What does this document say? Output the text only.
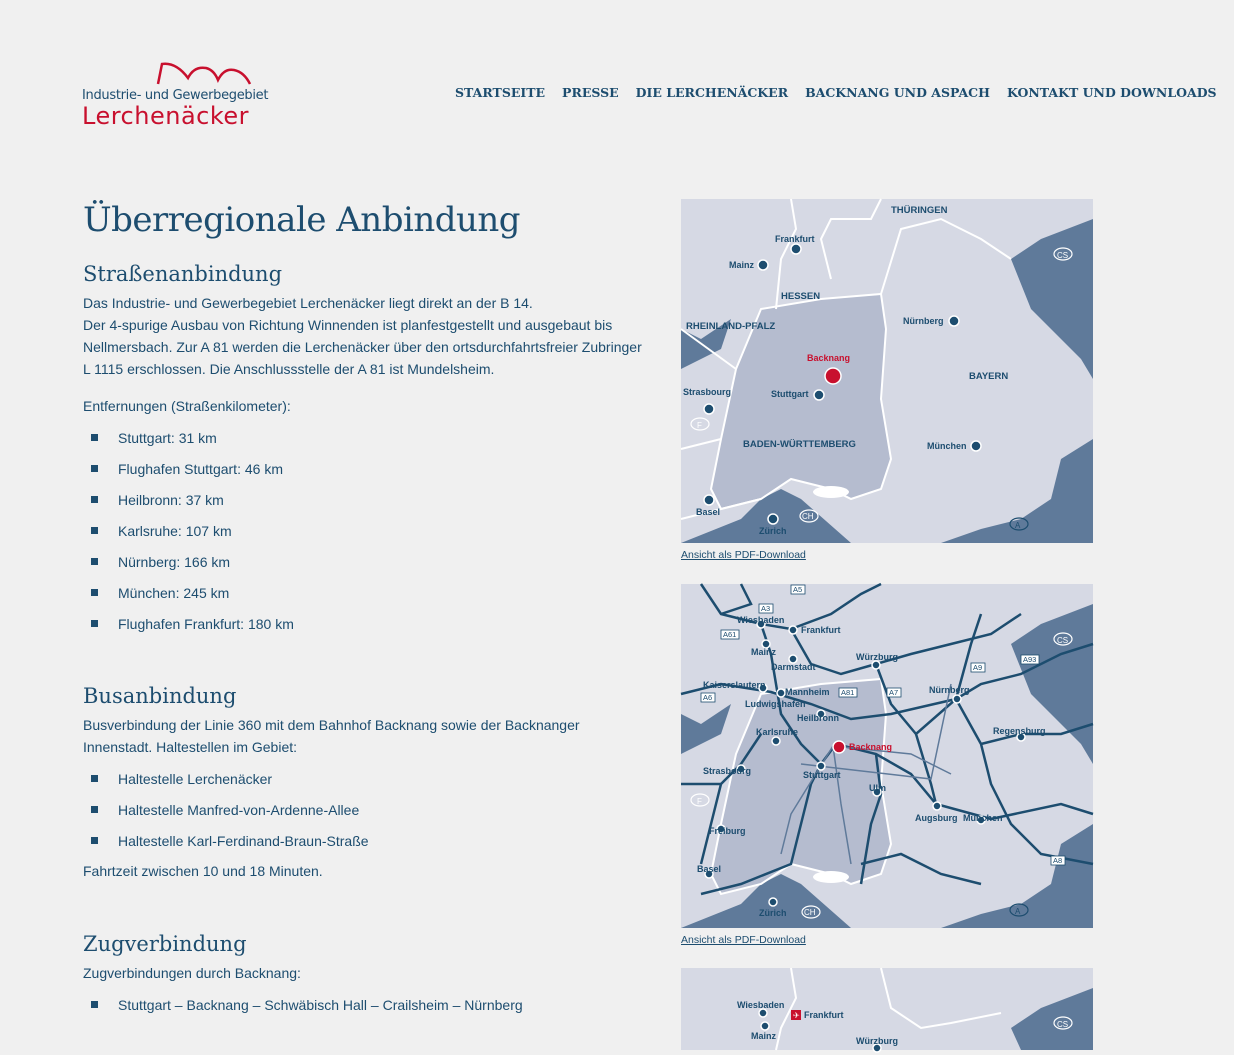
Industrie- und Gewerbegebiet
Lerchenäcker
STARTSEITE PRESSE DIE LERCHENÄCKER BACKNANG UND ASPACH KONTAKT UND DOWNLOADS
Überregionale Anbindung
Straßenanbindung

Das Industrie- und Gewerbegebiet Lerchenäcker liegt direkt an der B 14.

Der 4-spurige Ausbau von Richtung Winnenden ist planfestgestellt und ausgebaut bis Nellmersbach. Zur A 81 werden die Lerchenäcker über den ortsdurchfahrtsfreier Zubringer L 1115 erschlossen. Die Anschlussstelle der A 81 ist Mundelsheim.

Entfernungen (Straßenkilometer):

Stuttgart: 31 km
Flughafen Stuttgart: 46 km
Heilbronn: 37 km
Karlsruhe: 107 km
Nürnberg: 166 km
München: 245 km
Flughafen Frankfurt: 180 km
Busanbindung

Busverbindung der Linie 360 mit dem Bahnhof Backnang sowie der Backnanger Innenstadt. Haltestellen im Gebiet:

Haltestelle Lerchenäcker
Haltestelle Manfred-von-Ardenne-Allee
Haltestelle Karl-Ferdinand-Braun-Straße

Fahrtzeit zwischen 10 und 18 Minuten.

Zugverbindung

Zugverbindungen durch Backnang:

Stuttgart – Backnang – Schwäbisch Hall – Crailsheim – Nürnberg
THÜRINGEN
HESSEN
RHEINLAND-PFALZ
BAYERN
BADEN-WÜRTTEMBERG
Frankfurt
Mainz
Nürnberg
Backnang
Strasbourg	Stuttgart
München
Basel
Zürich
CS
F
CH
A
Ansicht als PDF-Download
Wiesbaden
Frankfurt
Mainz
Darmstadt
Würzburg
Kaiserslautern
Mannheim
Ludwigshafen
Nürnberg
Heilbronn
Karlsruhe	Regensburg
Backnang
Strasbourg	Stuttgart
Ulm
Augsburg München
Freiburg
Basel
Zürich
A3
A5
A61
A6
A81	A7
A9
A93
A8
CS
F
CH	A
Ansicht als PDF-Download
Wiesbaden
✈ Frankfurt
Mainz	Würzburg
CS
